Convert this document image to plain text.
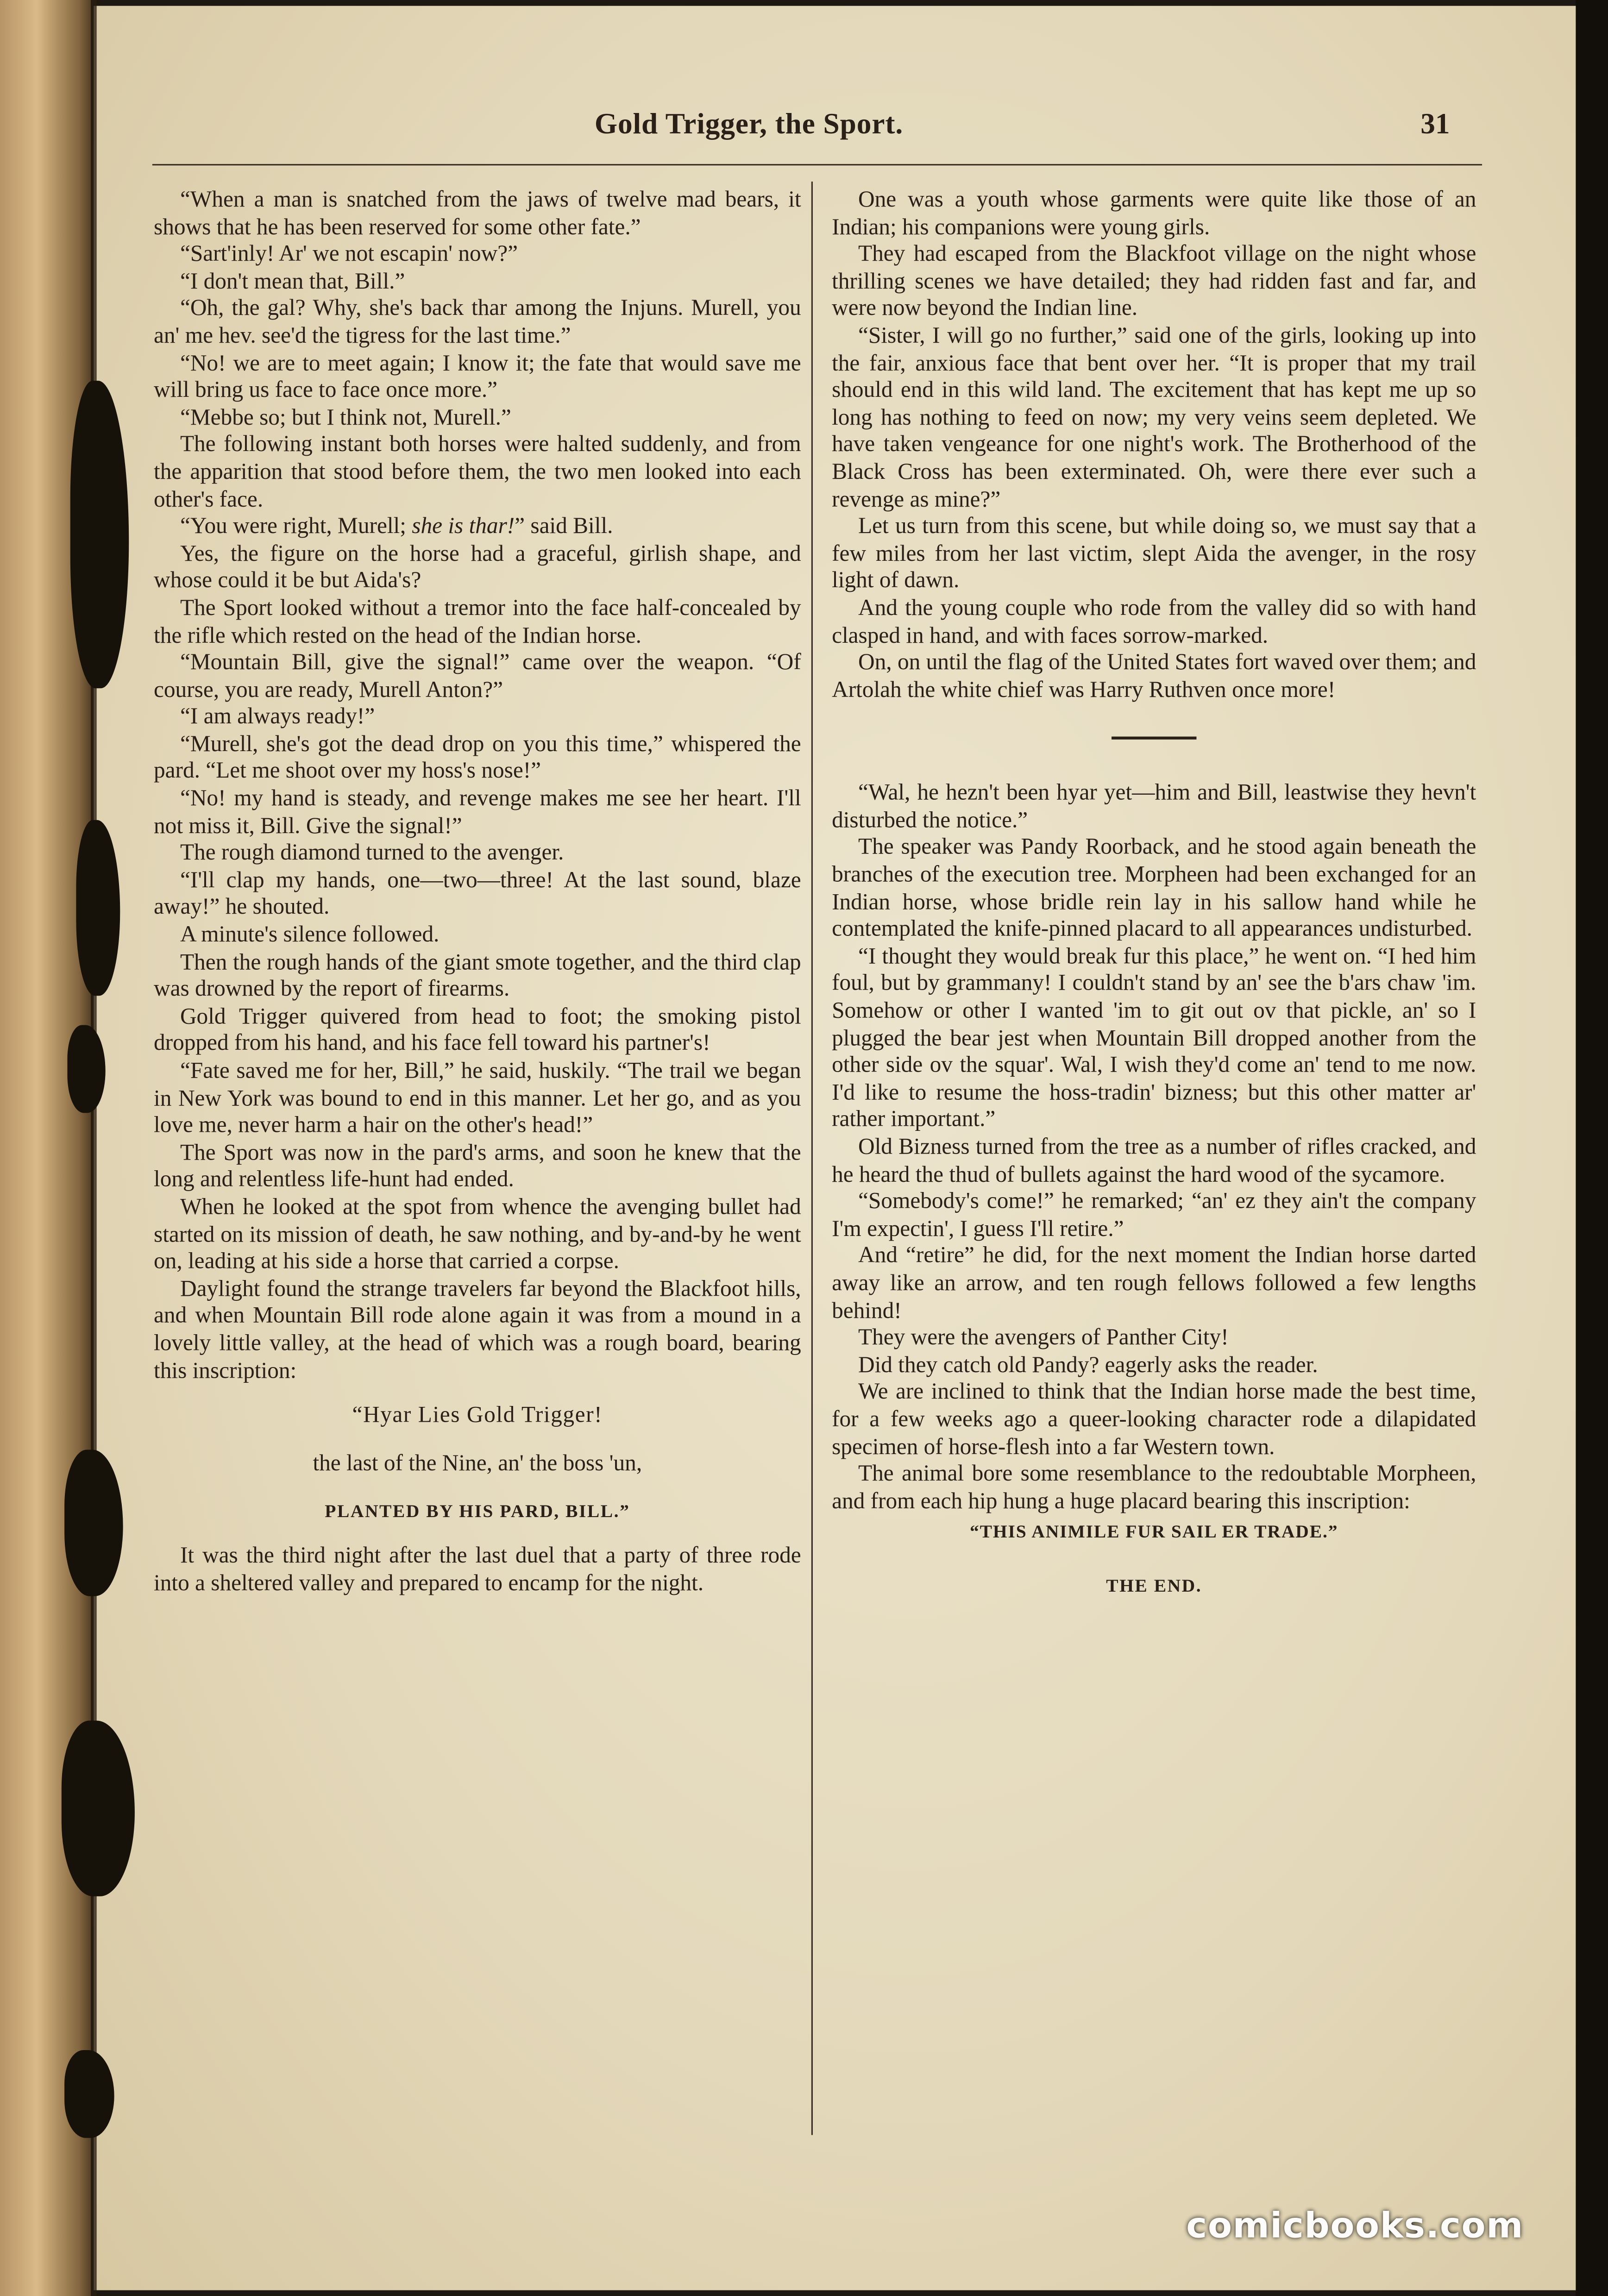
Gold Trigger, the Sport.	31

“When a man is snatched from the jaws of twelve mad bears, it shows that he has been reserved for some other fate.”

“Sart'inly! Ar' we not escapin' now?”

“I don't mean that, Bill.”

“Oh, the gal? Why, she's back thar among the Injuns. Murell, you an' me hev. see'd the tigress for the last time.”

“No! we are to meet again; I know it; the fate that would save me will bring us face to face once more.”

“Mebbe so; but I think not, Murell.”

The following instant both horses were halted suddenly, and from the apparition that stood before them, the two men looked into each other's face.

“You were right, Murell; she is thar!” said Bill.

Yes, the figure on the horse had a graceful, girlish shape, and whose could it be but Aida's?

The Sport looked without a tremor into the face half-concealed by the rifle which rested on the head of the Indian horse.

“Mountain Bill, give the signal!” came over the weapon. “Of course, you are ready, Murell Anton?”

“I am always ready!”

“Murell, she's got the dead drop on you this time,” whispered the pard. “Let me shoot over my hoss's nose!”

“No! my hand is steady, and revenge makes me see her heart. I'll not miss it, Bill. Give the signal!”

The rough diamond turned to the avenger.

“I'll clap my hands, one—two—three! At the last sound, blaze away!” he shouted.

A minute's silence followed.

Then the rough hands of the giant smote together, and the third clap was drowned by the report of firearms.

Gold Trigger quivered from head to foot; the smoking pistol dropped from his hand, and his face fell toward his partner's!

“Fate saved me for her, Bill,” he said, huskily. “The trail we began in New York was bound to end in this manner. Let her go, and as you love me, never harm a hair on the other's head!”

The Sport was now in the pard's arms, and soon he knew that the long and relentless life-hunt had ended.

When he looked at the spot from whence the avenging bullet had started on its mission of death, he saw nothing, and by-and-by he went on, leading at his side a horse that carried a corpse.

Daylight found the strange travelers far beyond the Blackfoot hills, and when Mountain Bill rode alone again it was from a mound in a lovely little valley, at the head of which was a rough board, bearing this inscription:

“Hyar Lies Gold Trigger!
the last of the Nine, an' the boss 'un,
PLANTED BY HIS PARD, BILL.”

It was the third night after the last duel that a party of three rode into a sheltered valley and prepared to encamp for the night.

One was a youth whose garments were quite like those of an Indian; his companions were young girls.

They had escaped from the Blackfoot village on the night whose thrilling scenes we have detailed; they had ridden fast and far, and were now beyond the Indian line.

“Sister, I will go no further,” said one of the girls, looking up into the fair, anxious face that bent over her. “It is proper that my trail should end in this wild land. The excitement that has kept me up so long has nothing to feed on now; my very veins seem depleted. We have taken vengeance for one night's work. The Brotherhood of the Black Cross has been exterminated. Oh, were there ever such a revenge as mine?”

Let us turn from this scene, but while doing so, we must say that a few miles from her last victim, slept Aida the avenger, in the rosy light of dawn.

And the young couple who rode from the valley did so with hand clasped in hand, and with faces sorrow-marked.

On, on until the flag of the United States fort waved over them; and Artolah the white chief was Harry Ruthven once more!

“Wal, he hezn't been hyar yet—him and Bill, leastwise they hevn't disturbed the notice.”

The speaker was Pandy Roorback, and he stood again beneath the branches of the execution tree. Morpheen had been exchanged for an Indian horse, whose bridle rein lay in his sallow hand while he contemplated the knife-pinned placard to all appearances undisturbed.

“I thought they would break fur this place,” he went on. “I hed him foul, but by grammany! I couldn't stand by an' see the b'ars chaw 'im. Somehow or other I wanted 'im to git out ov that pickle, an' so I plugged the bear jest when Mountain Bill dropped another from the other side ov the squar'. Wal, I wish they'd come an' tend to me now. I'd like to resume the hoss-tradin' bizness; but this other matter ar' rather important.”

Old Bizness turned from the tree as a number of rifles cracked, and he heard the thud of bullets against the hard wood of the sycamore.

“Somebody's come!” he remarked; “an' ez they ain't the company I'm expectin', I guess I'll retire.”

And “retire” he did, for the next moment the Indian horse darted away like an arrow, and ten rough fellows followed a few lengths behind!

They were the avengers of Panther City!

Did they catch old Pandy? eagerly asks the reader.

We are inclined to think that the Indian horse made the best time, for a few weeks ago a queer-looking character rode a dilapidated specimen of horse-flesh into a far Western town.

The animal bore some resemblance to the redoubtable Morpheen, and from each hip hung a huge placard bearing this inscription:

“THIS ANIMILE FUR SAIL ER TRADE.”
THE END.
comicbooks.com
